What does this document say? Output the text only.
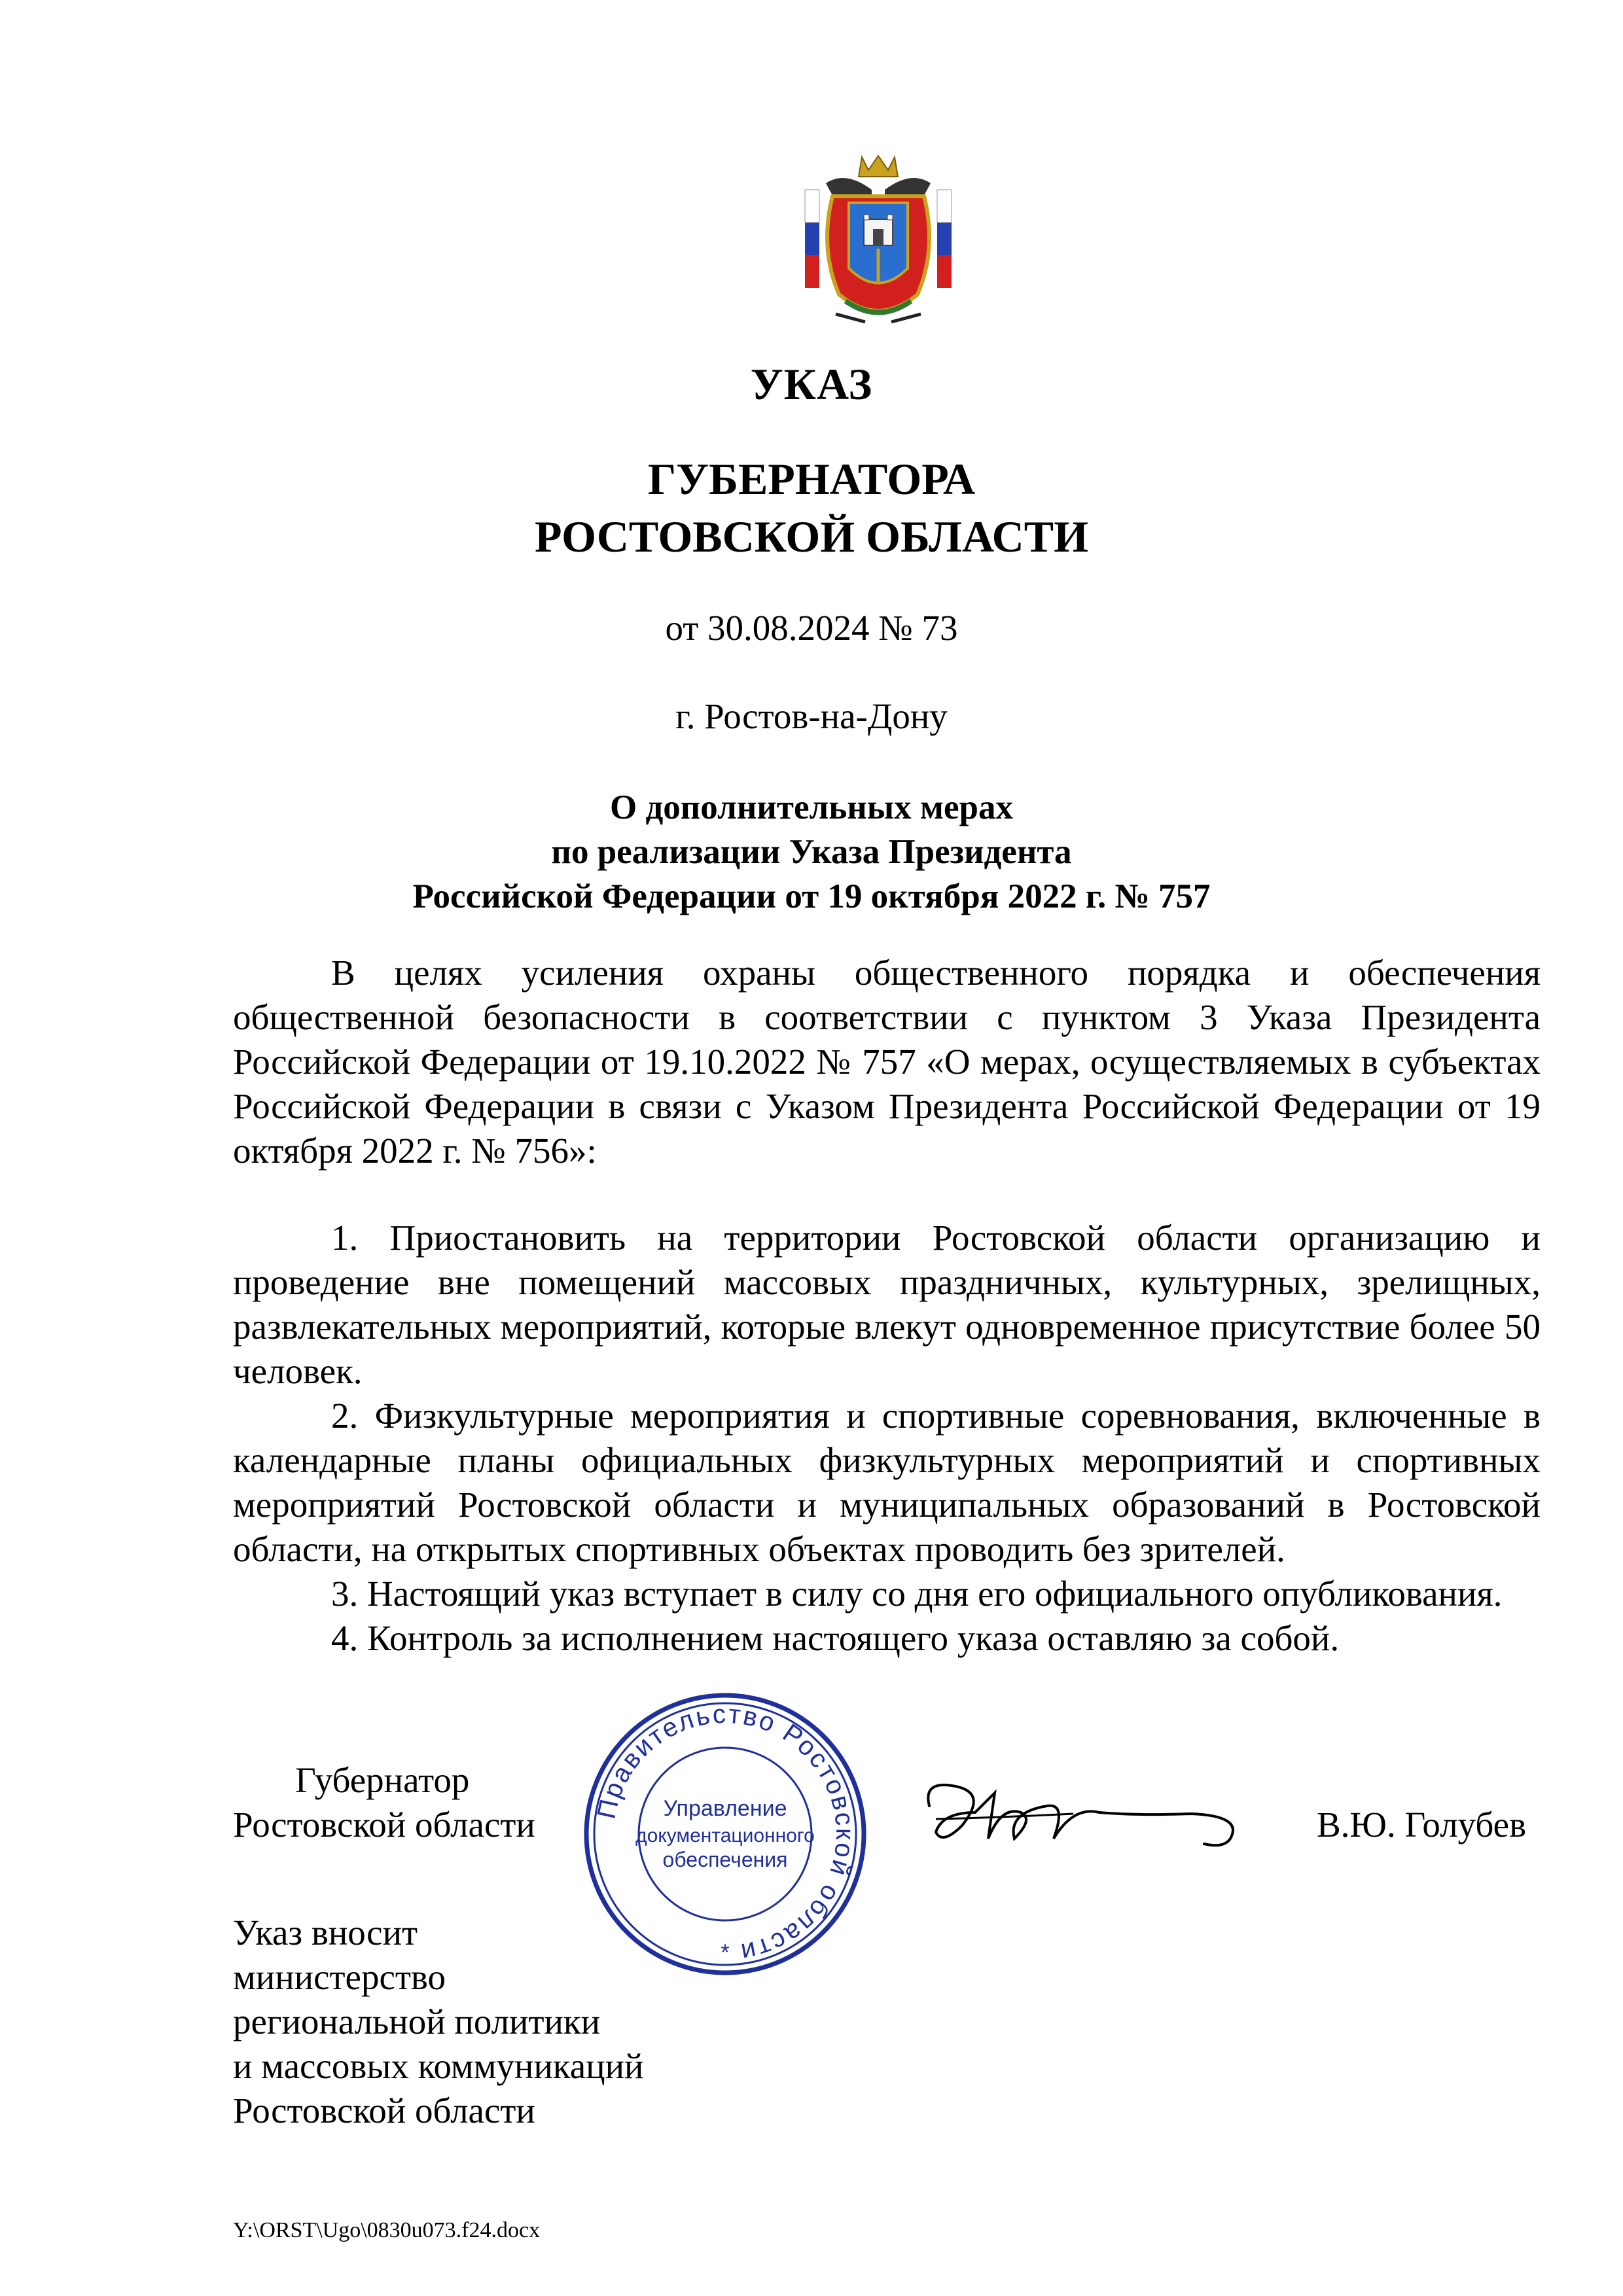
УКАЗ
ГУБЕРНАТОРА
РОСТОВСКОЙ ОБЛАСТИ
от 30.08.2024 № 73
г. Ростов-на-Дону
О дополнительных мерах
по реализации Указа Президента
Российской Федерации от 19 октября 2022 г. № 757

В целях усиления охраны общественного порядка и обеспечения общественной безопасности в соответствии с пунктом 3 Указа Президента Российской Федерации от 19.10.2022 № 757 «О мерах, осуществляемых в субъектах Российской Федерации в связи с Указом Президента Российской Федерации от 19 октября 2022 г. № 756»:

1. Приостановить на территории Ростовской области организацию и проведение вне помещений массовых праздничных, культурных, зрелищных, развлекательных мероприятий, которые влекут одновременное присутствие более 50 человек.

2. Физкультурные мероприятия и спортивные соревнования, включенные в календарные планы официальных физкультурных мероприятий и спортивных мероприятий Ростовской области и муниципальных образований в Ростовской области, на открытых спортивных объектах проводить без зрителей.

3. Настоящий указ вступает в силу со дня его официального опубликования.

4. Контроль за исполнением настоящего указа оставляю за собой.

Губернатор
Ростовской области Правительство Ростовской области
Управление
документационного
обеспечения
*
В.Ю. Голубев
Указ вносит
министерство
региональной политики
и массовых коммуникаций
Ростовской области
Y:\ORST\Ugo\0830u073.f24.docx
